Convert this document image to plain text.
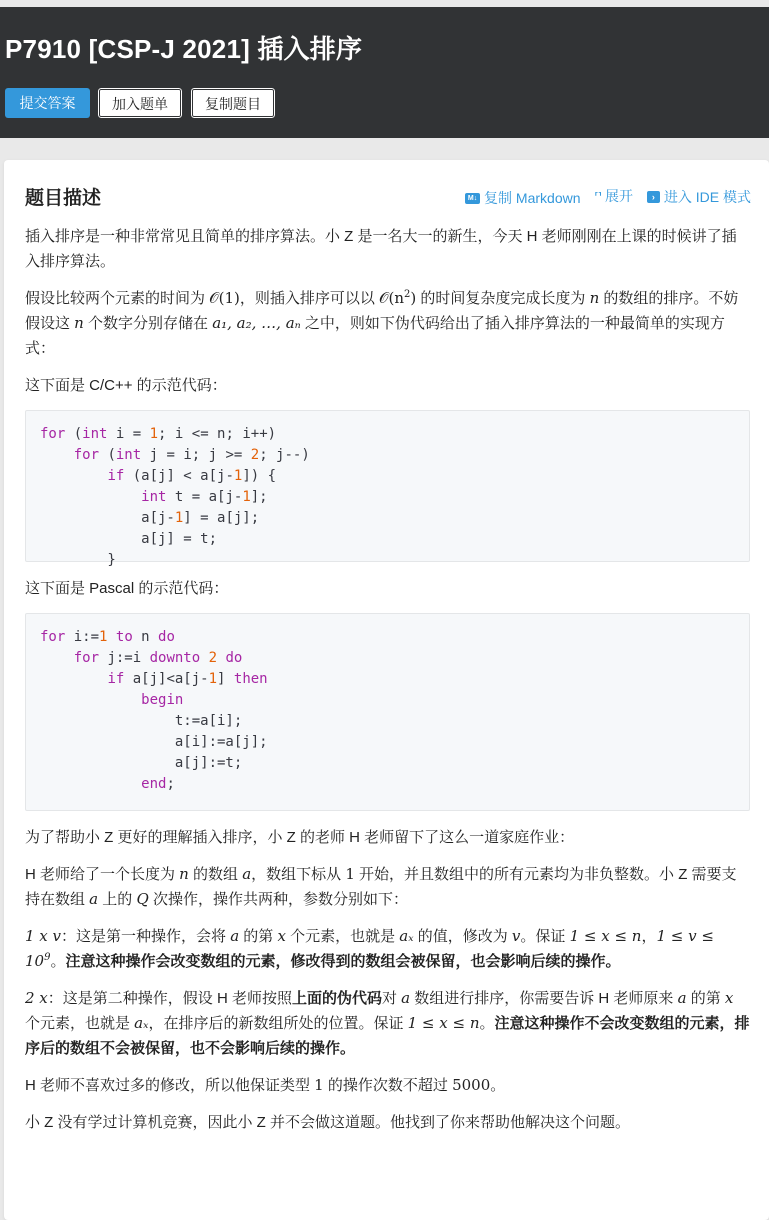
P7910 [CSP-J 2021] 插入排序
提交答案	加入题单	复制题目
题目描述	M↓ 复制 Markdown
⸢⸣ 展开
	› 进入 IDE 模式

插入排序是一种非常常见且简单的排序算法。小 Z 是一名大一的新生，今天 H 老师刚刚在上课的时候讲了插入排序算法。

假设比较两个元素的时间为 𝒪(1)，则插入排序可以以 $𝒪(n^2)$ 的时间复杂度完成长度为 n 的数组的排序。不妨假设这 n 个数字分别存储在 a₁, a₂, …, aₙ 之中，则如下伪代码给出了插入排序算法的一种最简单的实现方式：

这下面是 C/C++ 的示范代码：

for (int i = 1; i <= n; i++)
for (int j = i; j >= 2; j--)
if (a[j] < a[j-1]) {
int t = a[j-1];
a[j-1] = a[j];
a[j] = t;
}

这下面是 Pascal 的示范代码：

for i:=1 to n do
for j:=i downto 2 do
if a[j]<a[j-1] then
begin
t:=a[i];
a[i]:=a[j];
a[j]:=t;
end;

为了帮助小 Z 更好的理解插入排序，小 Z 的老师 H 老师留下了这么一道家庭作业：

H 老师给了一个长度为 n 的数组 a，数组下标从 1 开始，并且数组中的所有元素均为非负整数。小 Z 需要支持在数组 a 上的 Q 次操作，操作共两种，参数分别如下：

1 x v：这是第一种操作，会将 a 的第 x 个元素，也就是 aₓ 的值，修改为 v。保证 1 ≤ x ≤ n，$1 \le v \le 10^9$。注意这种操作会改变数组的元素，修改得到的数组会被保留，也会影响后续的操作。

2 x：这是第二种操作，假设 H 老师按照上面的伪代码对 a 数组进行排序，你需要告诉 H 老师原来 a 的第 x 个元素，也就是 aₓ，在排序后的新数组所处的位置。保证 1 ≤ x ≤ n。注意这种操作不会改变数组的元素，排序后的数组不会被保留，也不会影响后续的操作。

H 老师不喜欢过多的修改，所以他保证类型 1 的操作次数不超过 5000。

小 Z 没有学过计算机竞赛，因此小 Z 并不会做这道题。他找到了你来帮助他解决这个问题。
